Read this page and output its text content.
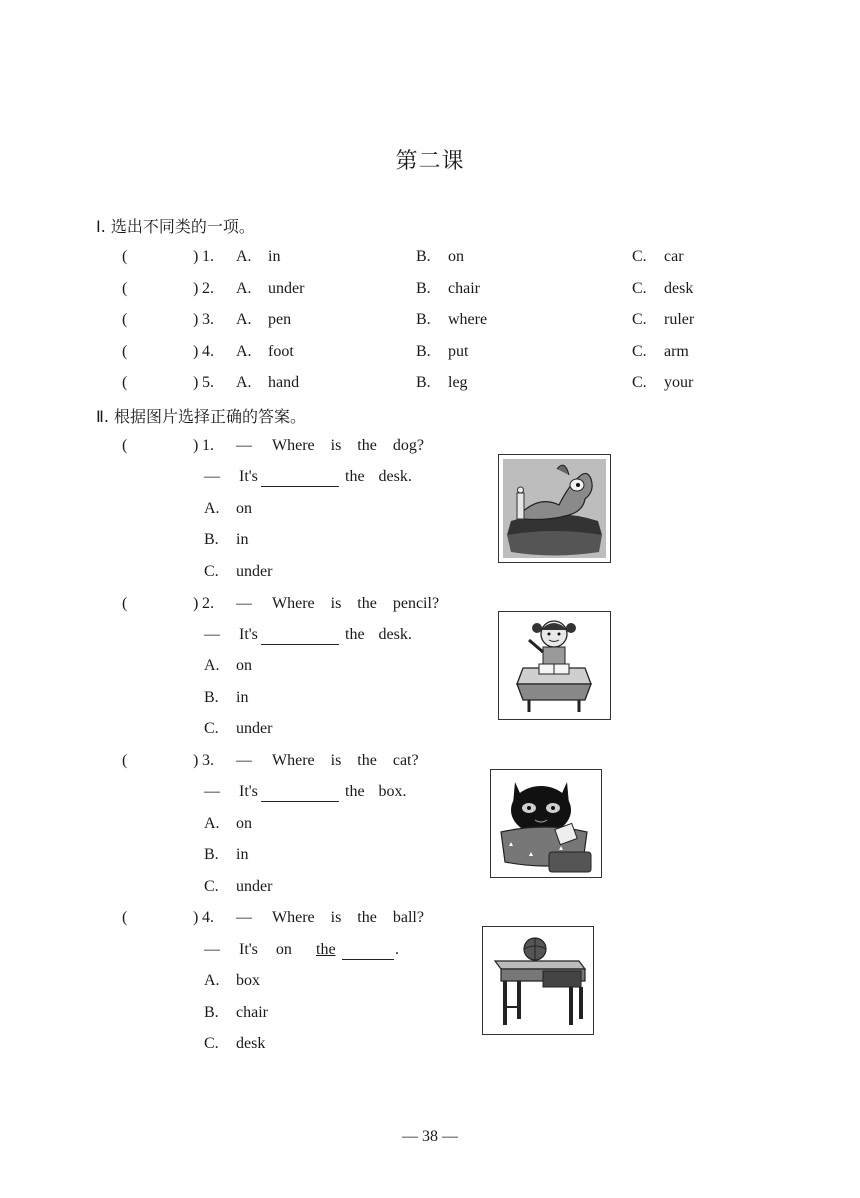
第二课
Ⅰ. 选出不同类的一项。
(	) 1. A. in	B. on	C. car
(	) 2. A. under	B. chair	C. desk
(	) 3. A. pen	B. where	C. ruler
(	) 4. A. foot	B. put	C. arm
(	) 5. A. hand	B. leg	C. your
Ⅱ. 根据图片选择正确的答案。
(	) 1. — Where is the dog?
— It's	the desk.
A. on
B. in
C. under
(	) 2. — Where is the pencil?
— It's	the desk.
A. on
B. in
C. under
(	) 3. — Where is the cat?
— It's	the box.
A. on
B. in
C. under
(	) 4. — Where is the ball?
— It's on the	.
A. box
B. chair
C. desk
— 38 —
